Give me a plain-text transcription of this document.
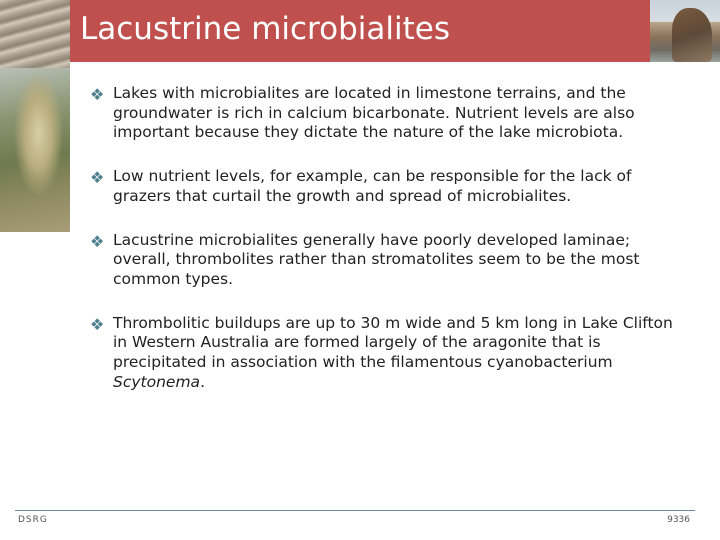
Lacustrine microbialites
❖ Lakes with microbialites are located in limestone terrains, and the groundwater is rich in calcium bicarbonate. Nutrient levels are also important because they dictate the nature of the lake microbiota.
❖ Low nutrient levels, for example, can be responsible for the lack of grazers that curtail the growth and spread of microbialites.
❖ Lacustrine microbialites generally have poorly developed laminae; overall, thrombolites rather than stromatolites seem to be the most common types.
❖ Thrombolitic buildups are up to 30 m wide and 5 km long in Lake Clifton in Western Australia are formed largely of the aragonite that is precipitated in association with the filamentous cyanobacterium Scytonema.
DSRG	9336
